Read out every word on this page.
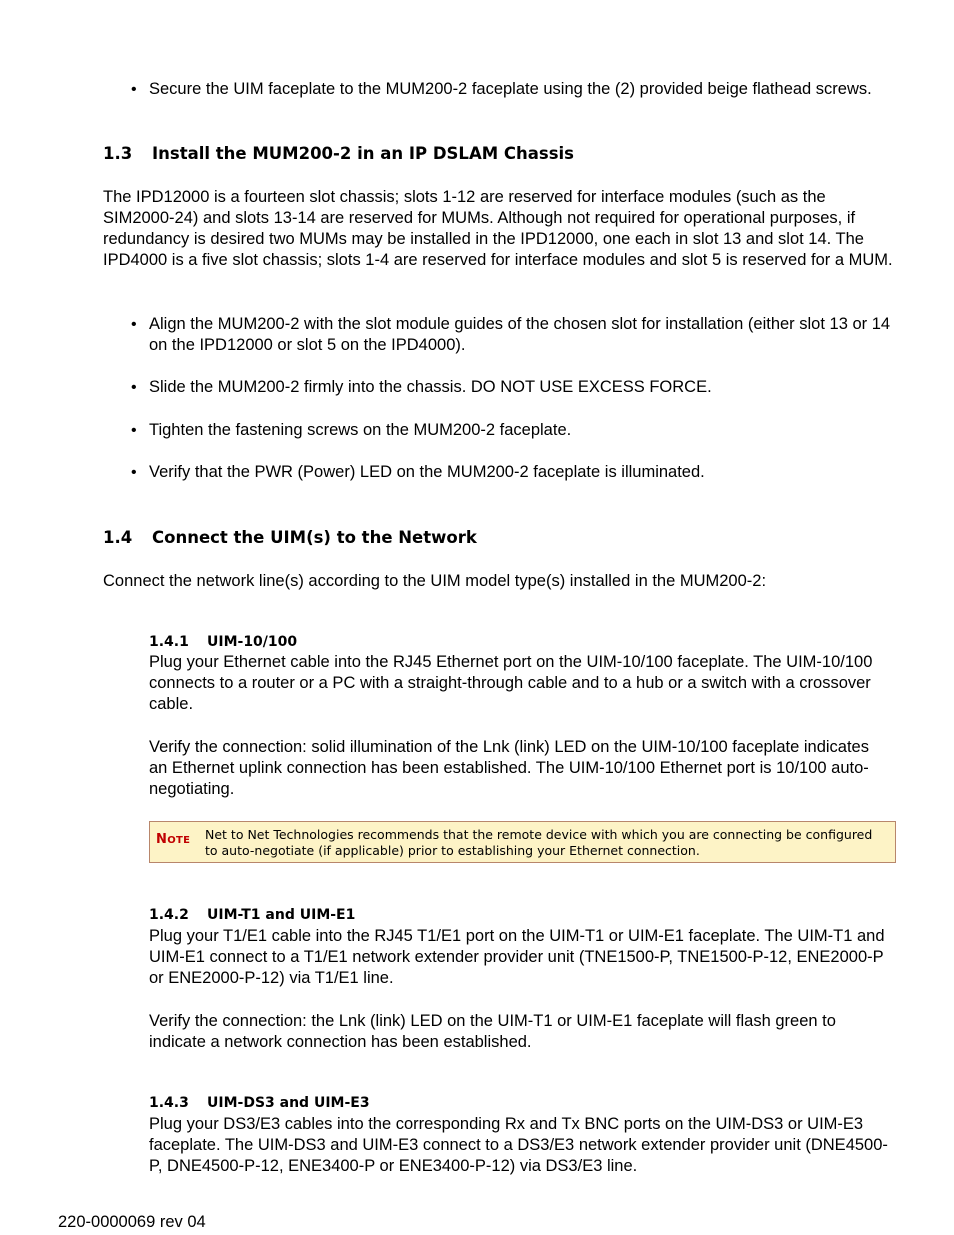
• Secure the UIM faceplate to the MUM200-2 faceplate using the (2) provided beige flathead screws.
1.3 Install the MUM200-2 in an IP DSLAM Chassis
The IPD12000 is a fourteen slot chassis; slots 1-12 are reserved for interface modules (such as the SIM2000-24) and slots 13-14 are reserved for MUMs. Although not required for operational purposes, if redundancy is desired two MUMs may be installed in the IPD12000, one each in slot 13 and slot 14. The IPD4000 is a five slot chassis; slots 1-4 are reserved for interface modules and slot 5 is reserved for a MUM.
• Align the MUM200-2 with the slot module guides of the chosen slot for installation (either slot 13 or 14 on the IPD12000 or slot 5 on the IPD4000).
• Slide the MUM200-2 firmly into the chassis. DO NOT USE EXCESS FORCE.
• Tighten the fastening screws on the MUM200-2 faceplate.
• Verify that the PWR (Power) LED on the MUM200-2 faceplate is illuminated.
1.4 Connect the UIM(s) to the Network
Connect the network line(s) according to the UIM model type(s) installed in the MUM200-2:
1.4.1 UIM-10/100
Plug your Ethernet cable into the RJ45 Ethernet port on the UIM-10/100 faceplate. The UIM-10/100 connects to a router or a PC with a straight-through cable and to a hub or a switch with a crossover cable.
Verify the connection: solid illumination of the Lnk (link) LED on the UIM-10/100 faceplate indicates an Ethernet uplink connection has been established. The UIM-10/100 Ethernet port is 10/100 auto-negotiating.
NOTE Net to Net Technologies recommends that the remote device with which you are connecting be configured to auto-negotiate (if applicable) prior to establishing your Ethernet connection.
1.4.2 UIM-T1 and UIM-E1
Plug your T1/E1 cable into the RJ45 T1/E1 port on the UIM-T1 or UIM-E1 faceplate. The UIM-T1 and UIM-E1 connect to a T1/E1 network extender provider unit (TNE1500-P, TNE1500-P-12, ENE2000-P or ENE2000-P-12) via T1/E1 line.
Verify the connection: the Lnk (link) LED on the UIM-T1 or UIM-E1 faceplate will flash green to indicate a network connection has been established.
1.4.3 UIM-DS3 and UIM-E3
Plug your DS3/E3 cables into the corresponding Rx and Tx BNC ports on the UIM-DS3 or UIM-E3 faceplate. The UIM-DS3 and UIM-E3 connect to a DS3/E3 network extender provider unit (DNE4500-P, DNE4500-P-12, ENE3400-P or ENE3400-P-12) via DS3/E3 line.
220-0000069 rev 04
